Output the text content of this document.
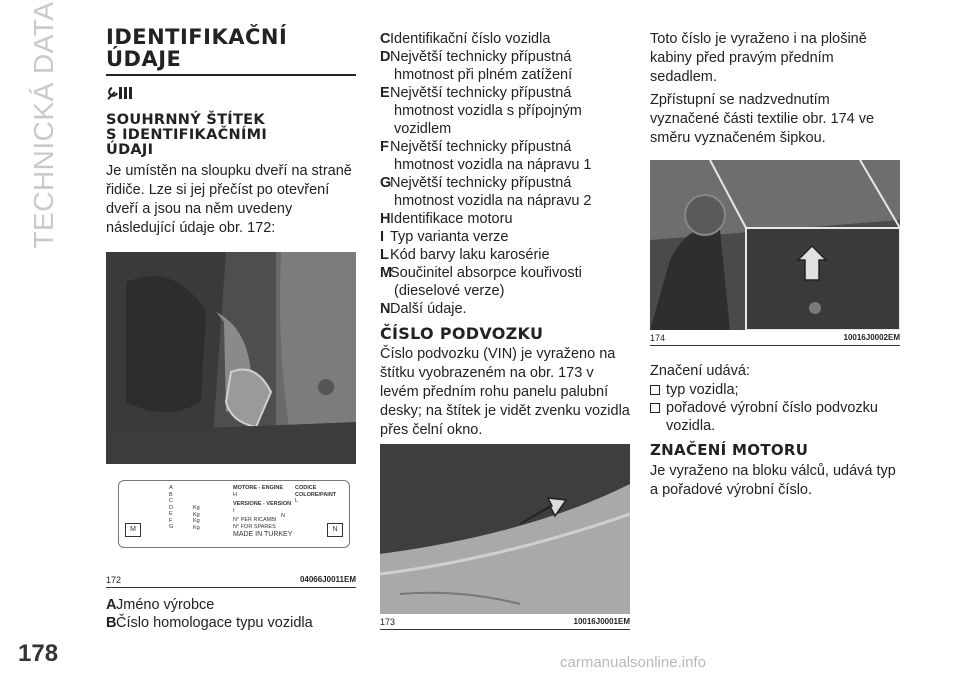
TECHNICKÁ DATA
178	carmanualsonline.info
IDENTIFIKAČNÍ
ÚDAJE
SOUHRNNÝ ŠTÍTEK
S IDENTIFIKAČNÍMI
ÚDAJI

Je umístěn na sloupku dveří na straně řidiče. Lze si jej přečíst po otevření dveří a jsou na něm uvedeny následující údaje obr. 172:

M
A
B
C
D
E
F
G
Kg
Kg
Kg
Kg
MOTORE - ENGINE
H
VERSIONE - VERSION
I
N° PER RICAMBI
N° FOR SPARES
MADE IN TURKEY
N
CODICE COLORE/PAINT
L
N
172	04066J0011EM
AJméno výrobce
BČíslo homologace typu vozidla
CIdentifikační číslo vozidla
DNejvětší technicky přípustná hmotnost při plném zatížení
ENejvětší technicky přípustná hmotnost vozidla s přípojným vozidlem
FNejvětší technicky přípustná hmotnost vozidla na nápravu 1
GNejvětší technicky přípustná hmotnost vozidla na nápravu 2
HIdentifikace motoru
I Typ varianta verze
LKód barvy laku karosérie
MSoučinitel absorpce kouřivosti (dieselové verze)
NDalší údaje.
ČÍSLO PODVOZKU

Číslo podvozku (VIN) je vyraženo na štítku vyobrazeném na obr. 173 v levém předním rohu panelu palubní desky; na štítek je vidět zvenku vozidla přes čelní okno.

173	10016J0001EM

Toto číslo je vyraženo i na plošině kabiny před pravým předním sedadlem.

Zpřístupní se nadzvednutím vyznačené části textilie obr. 174 ve směru vyznačeném šipkou.

174	10016J0002EM

Značení udává:

typ vozidla;
pořadové výrobní číslo podvozku vozidla.
ZNAČENÍ MOTORU

Je vyraženo na bloku válců, udává typ a pořadové výrobní číslo.
